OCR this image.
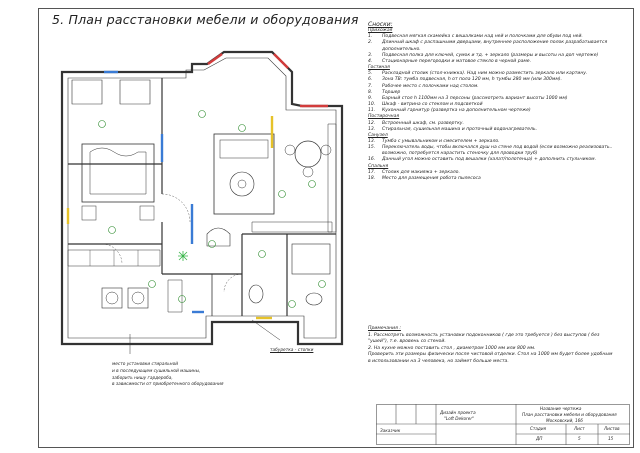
5. План расстановки мебели и оборудования
место установки стиральной
и в последующем сушильной машины,
заборить нишу гардероба,
в зависимости от приобретенного оборудования
табуретка - стопки
Сноски:
Прихожая
1.	Подвесная мягкая скамейка с вешалками над ней и полочками для обуви под ней.
2.	Длинный шкаф с распашными дверцами, внутреннее расположение полок разрабатывается дополнительно.
3.	Подвесная полка для ключей, сумок и тд. + зеркало (размеры и высоты на доп чертеже)
4.	Стационарные перегородки и матовое стекло в черной раме.
Гостиная
5.	Раскладной столик (стол-книжка). Над ним можно разместить зеркало или картину.
6.	Зона ТВ: тумба подвесная, h от пола 120 мм, h тумбы 280 мм (или 300мм).
7.	Рабочее место с полочками над столом.
8.	Торшер
9.	Барный стол h 1100мм на 3 персоны (рассмотреть вариант высоты 1000 мм)
10.	Шкаф - витрина со стеклом и подсветкой
11.	Кухонный гарнитур (развертка на дополнительном чертеже)
Постирочная
12.	Встроенный шкаф, см. развертку.
13.	Стиральная, сушильная машина и проточный водонагреватель.
Санузел
13.	Тумба с умывальником и смесителем + зеркало.
15.	Переключатель воды, чтобы включался душ на стене под водой (если возможно реализовать.. возможно, потребуется нарастить стеночку для проводки труб)
16.	Данный угол можно оставить под вешалки (халат/полотенца) + дополнить стульчиком.
Спальня
17.	Столик для макияжа + зеркало.
18.	Место для размещения робота пылесоса
Примечания :
1. Рассмотреть возможность установки подоконников ( где это требуется ) без выступов ( без "ушей"), т.е. вровень со стеной.
2. На кухне можно поставить стол , диаметром 1000 мм или 800 мм.
Проверить эти размеры физически после чистовой отделки. Стол на 1000 мм будет более удобным в использовании на 3 человека, но займет больше места.
Дизайн проекта
"Loft Dekorer"
Название чертежа
План расстановки мебели и оборудования
Московский, 166
Стадия	Лист	Листов
ДП	5	15
Заказчик
